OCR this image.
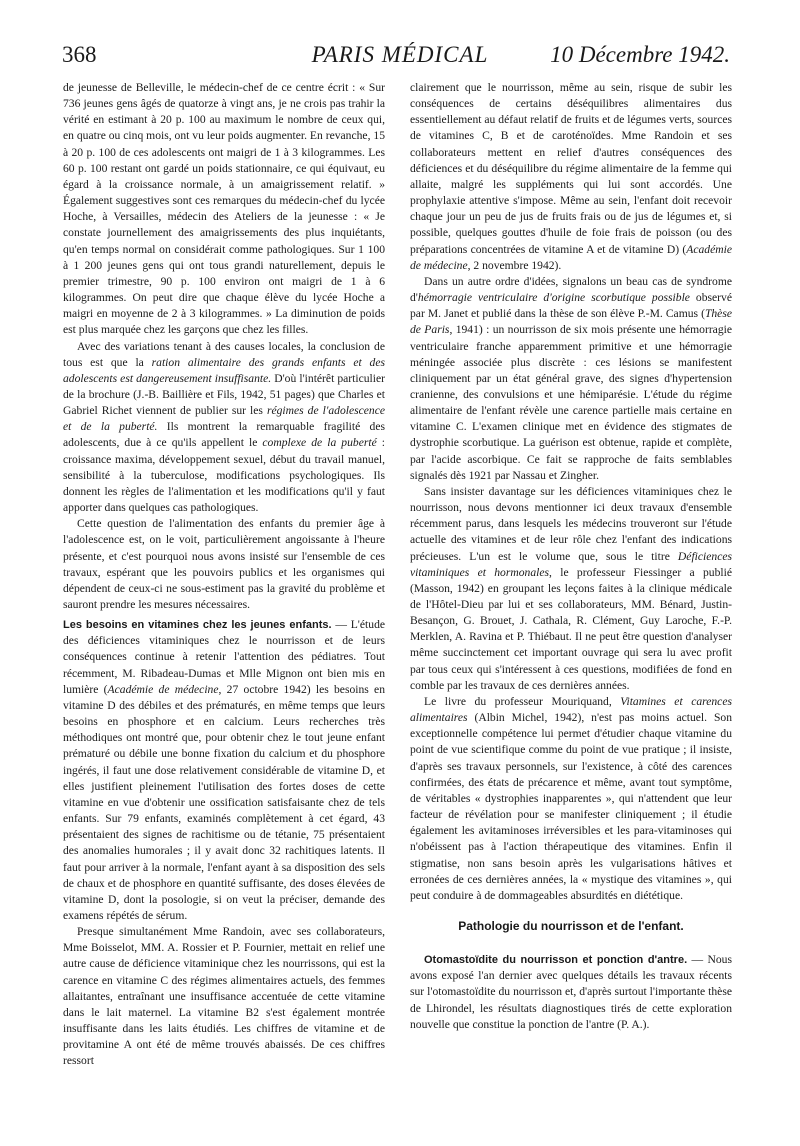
368	PARIS MÉDICAL	10 Décembre 1942.

de jeunesse de Belleville, le médecin-chef de ce centre écrit : « Sur 736 jeunes gens âgés de quatorze à vingt ans, je ne crois pas trahir la vérité en estimant à 20 p. 100 au maximum le nombre de ceux qui, en quatre ou cinq mois, ont vu leur poids augmenter. En revanche, 15 à 20 p. 100 de ces adolescents ont maigri de 1 à 3 kilogrammes. Les 60 p. 100 restant ont gardé un poids stationnaire, ce qui équivaut, eu égard à la croissance normale, à un amaigrissement relatif. » Également suggestives sont ces remarques du médecin-chef du lycée Hoche, à Versailles, médecin des Ateliers de la jeunesse : « Je constate journellement des amaigrissements des plus inquiétants, qu'en temps normal on considérait comme pathologiques. Sur 1 100 à 1 200 jeunes gens qui ont tous grandi naturellement, depuis le premier trimestre, 90 p. 100 environ ont maigri de 1 à 6 kilogrammes. On peut dire que chaque élève du lycée Hoche a maigri en moyenne de 2 à 3 kilogrammes. » La diminution de poids est plus marquée chez les garçons que chez les filles.

Avec des variations tenant à des causes locales, la conclusion de tous est que la ration alimentaire des grands enfants et des adolescents est dangereusement insuffisante. D'où l'intérêt particulier de la brochure (J.-B. Baillière et Fils, 1942, 51 pages) que Charles et Gabriel Richet viennent de publier sur les régimes de l'adolescence et de la puberté. Ils montrent la remarquable fragilité des adolescents, due à ce qu'ils appellent le complexe de la puberté : croissance maxima, développement sexuel, début du travail manuel, sensibilité à la tuberculose, modifications psychologiques. Ils donnent les règles de l'alimentation et les modifications qu'il y faut apporter dans quelques cas pathologiques.

Cette question de l'alimentation des enfants du premier âge à l'adolescence est, on le voit, particulièrement angoissante à l'heure présente, et c'est pourquoi nous avons insisté sur l'ensemble de ces travaux, espérant que les pouvoirs publics et les organismes qui dépendent de ceux-ci ne sous-estiment pas la gravité du problème et sauront prendre les mesures nécessaires.

Les besoins en vitamines chez les jeunes enfants. — L'étude des déficiences vitaminiques chez le nourrisson et de leurs conséquences continue à retenir l'attention des pédiatres. Tout récemment, M. Ribadeau-Dumas et Mlle Mignon ont bien mis en lumière (Académie de médecine, 27 octobre 1942) les besoins en vitamine D des débiles et des prématurés, en même temps que leurs besoins en phosphore et en calcium. Leurs recherches très méthodiques ont montré que, pour obtenir chez le tout jeune enfant prématuré ou débile une bonne fixation du calcium et du phosphore ingérés, il faut une dose relativement considérable de vitamine D, et elles justifient pleinement l'utilisation des fortes doses de cette vitamine en vue d'obtenir une ossification satisfaisante chez de tels enfants. Sur 79 enfants, examinés complètement à cet égard, 43 présentaient des signes de rachitisme ou de tétanie, 75 présentaient des anomalies humorales ; il y avait donc 32 rachitiques latents. Il faut pour arriver à la normale, l'enfant ayant à sa disposition des sels de chaux et de phosphore en quantité suffisante, des doses élevées de vitamine D, dont la posologie, si on veut la préciser, demande des examens répétés de sérum.

Presque simultanément Mme Randoin, avec ses collaborateurs, Mme Boisselot, MM. A. Rossier et P. Fournier, mettait en relief une autre cause de déficience vitaminique chez les nourrissons, qui est la carence en vitamine C des régimes alimentaires actuels, des femmes allaitantes, entraînant une insuffisance accentuée de cette vitamine dans le lait maternel. La vitamine B2 s'est également montrée insuffisante dans les laits étudiés. Les chiffres de vitamine et de provitamine A ont été de même trouvés abaissés. De ces chiffres ressort

clairement que le nourrisson, même au sein, risque de subir les conséquences de certains déséquilibres alimentaires dus essentiellement au défaut relatif de fruits et de légumes verts, sources de vitamines C, B et de caroténoïdes. Mme Randoin et ses collaborateurs mettent en relief d'autres conséquences des déficiences et du déséquilibre du régime alimentaire de la femme qui allaite, malgré les suppléments qui lui sont accordés. Une prophylaxie attentive s'impose. Même au sein, l'enfant doit recevoir chaque jour un peu de jus de fruits frais ou de jus de légumes et, si possible, quelques gouttes d'huile de foie frais de poisson (ou des préparations concentrées de vitamine A et de vitamine D) (Académie de médecine, 2 novembre 1942).

Dans un autre ordre d'idées, signalons un beau cas de syndrome d'hémorragie ventriculaire d'origine scorbutique possible observé par M. Janet et publié dans la thèse de son élève P.-M. Camus (Thèse de Paris, 1941) : un nourrisson de six mois présente une hémorragie ventriculaire franche apparemment primitive et une hémorragie méningée associée plus discrète : ces lésions se manifestent cliniquement par un état général grave, des signes d'hypertension cranienne, des convulsions et une hémiparésie. L'étude du régime alimentaire de l'enfant révèle une carence partielle mais certaine en vitamine C. L'examen clinique met en évidence des stigmates de dystrophie scorbutique. La guérison est obtenue, rapide et complète, par l'acide ascorbique. Ce fait se rapproche de faits semblables signalés dès 1921 par Nassau et Zingher.

Sans insister davantage sur les déficiences vitaminiques chez le nourrisson, nous devons mentionner ici deux travaux d'ensemble récemment parus, dans lesquels les médecins trouveront sur l'étude actuelle des vitamines et de leur rôle chez l'enfant des indications précieuses. L'un est le volume que, sous le titre Déficiences vitaminiques et hormonales, le professeur Fiessinger a publié (Masson, 1942) en groupant les leçons faites à la clinique médicale de l'Hôtel-Dieu par lui et ses collaborateurs, MM. Bénard, Justin-Besançon, G. Brouet, J. Cathala, R. Clément, Guy Laroche, F.-P. Merklen, A. Ravina et P. Thiébaut. Il ne peut être question d'analyser même succinctement cet important ouvrage qui sera lu avec profit par tous ceux qui s'intéressent à ces questions, modifiées de fond en comble par les travaux de ces dernières années.

Le livre du professeur Mouriquand, Vitamines et carences alimentaires (Albin Michel, 1942), n'est pas moins actuel. Son exceptionnelle compétence lui permet d'étudier chaque vitamine du point de vue scientifique comme du point de vue pratique ; il insiste, d'après ses travaux personnels, sur l'existence, à côté des carences confirmées, des états de précarence et même, avant tout symptôme, de véritables « dystrophies inapparentes », qui n'attendent que leur facteur de révélation pour se manifester cliniquement ; il étudie également les avitaminoses irréversibles et les para-vitaminoses qui n'obéissent pas à l'action thérapeutique des vitamines. Enfin il stigmatise, non sans besoin après les vulgarisations hâtives et erronées de ces dernières années, la « mystique des vitamines », qui peut conduire à de dommageables absurdités en diététique.

Pathologie du nourrisson et de l'enfant.

Otomastoïdite du nourrisson et ponction d'antre. — Nous avons exposé l'an dernier avec quelques détails les travaux récents sur l'otomastoïdite du nourrisson et, d'après surtout l'importante thèse de Lhirondel, les résultats diagnostiques tirés de cette exploration nouvelle que constitue la ponction de l'antre (P. A.).
